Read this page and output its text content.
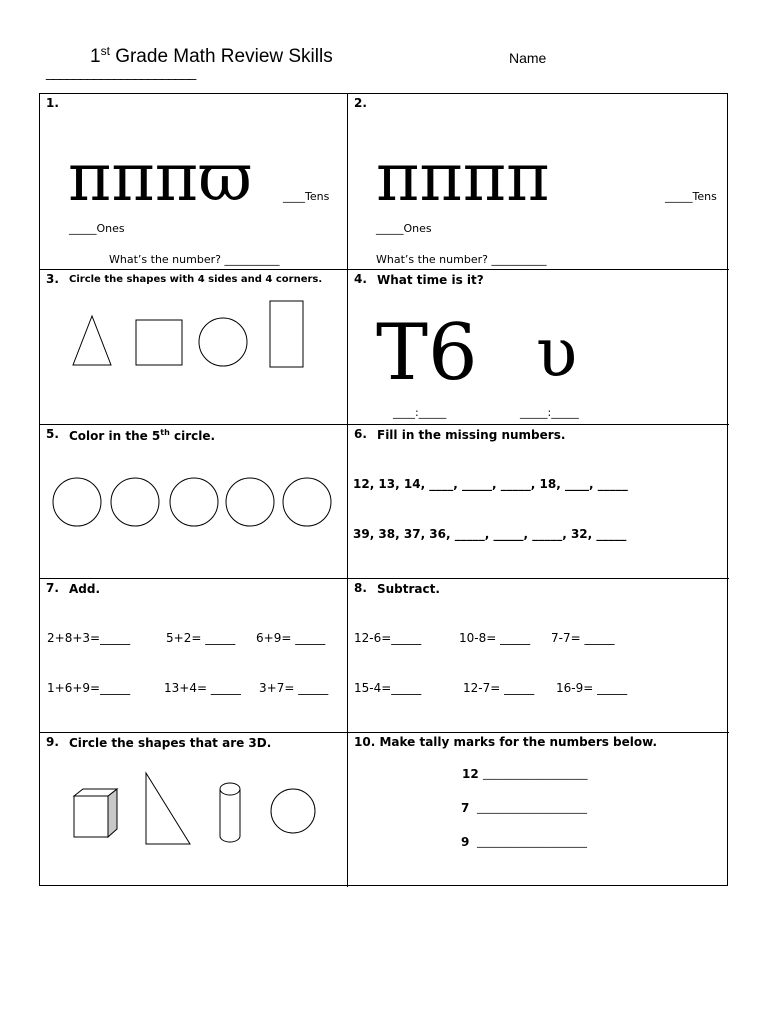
1st Grade Math Review Skills	Name
______________________
1.
πππϖ	____Tens
_____Ones
What’s the number? __________
2.
ππππ	_____Tens
_____Ones
What’s the number? __________
3. Circle the shapes with 4 sides and 4 corners.	4. What time is it?
T6 υ
____:_____	_____:_____
5. Color in the 5th circle.	6. Fill in the missing numbers.
12, 13, 14, ____, _____, _____, 18, ____, _____
39, 38, 37, 36, _____, _____, _____, 32, _____
7. Add.
2+8+3=_____	5+2= _____ 6+9= _____
1+6+9=_____	13+4= _____ 3+7= _____
8. Subtract.
12-6=_____	10-8= _____ 7-7= _____
15-4=_____	12-7= _____ 16-9= _____
9. Circle the shapes that are 3D.	10. Make tally marks for the numbers below.
12 ___________________
7 ____________________
9 ____________________
